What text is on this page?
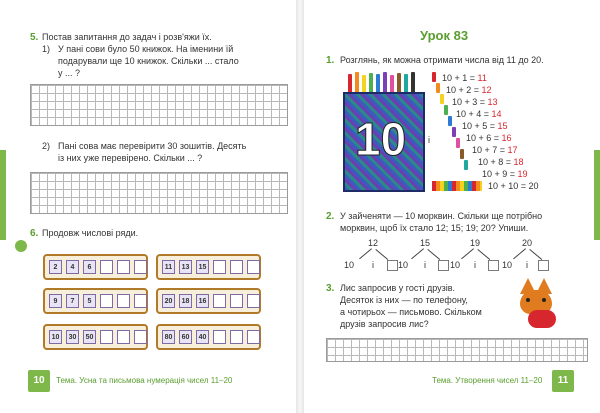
5. Постав запитання до задач і розв'яжи їх.
1) У пані сови було 50 книжок. На іменини їй
подарували ще 10 книжок. Скільки ... стало
у ... ?
2) Пані сова має перевірити 30 зошитів. Десять
із них уже перевірено. Скільки ... ?
6. Продовж числові ряди.
2	4	6	11	13	15
9	7	5	20	18	16
10	30	50	80	60	40
10	Тема. Усна та письмова нумерація чисел 11–20
Урок 83
1. Розглянь, як можна отримати числа від 11 до 20.
10 і
10 + 1 = 11
10 + 2 = 12
10 + 3 = 13
10 + 4 = 14
10 + 5 = 15
10 + 6 = 16
10 + 7 = 17
10 + 8 = 18
10 + 9 = 19
10 + 10 = 20
2. У зайченяти — 10 морквин. Скільки ще потрібно
морквин, щоб їх стало 12; 15; 19; 20? Упиши.
12
10 і
15
10 і
19
10 і
20
10 і
3. Лис запросив у гості друзів.
Десяток із них — по телефону,
а чотирьох — письмово. Скільком
друзів запросив лис?
Тема. Утворення чисел 11–20	11
